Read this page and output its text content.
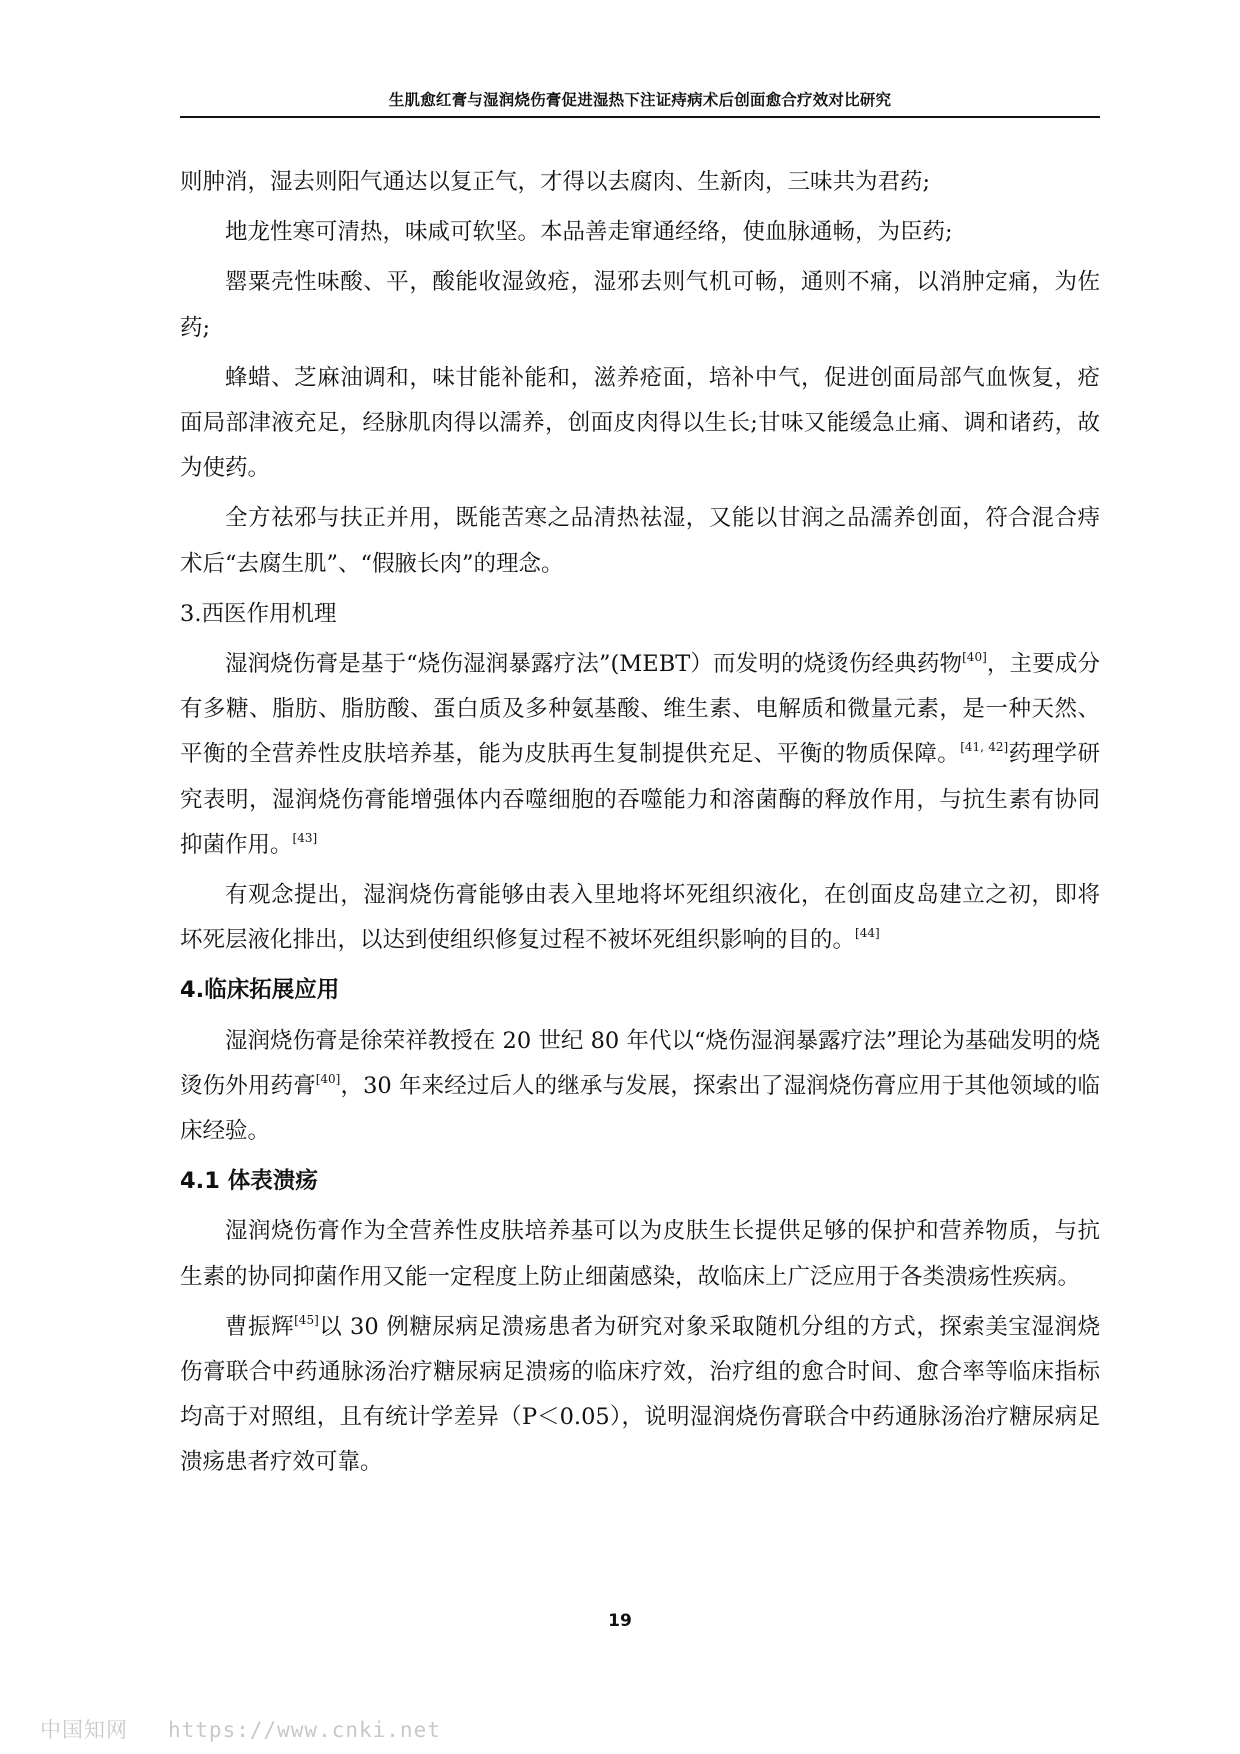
生肌愈红膏与湿润烧伤膏促进湿热下注证痔病术后创面愈合疗效对比研究

则肿消，湿去则阳气通达以复正气，才得以去腐肉、生新肉，三味共为君药;

地龙性寒可清热，味咸可软坚。本品善走窜通经络，使血脉通畅，为臣药;

罂粟壳性味酸、平，酸能收湿敛疮，湿邪去则气机可畅，通则不痛，以消肿定痛，为佐药;

蜂蜡、芝麻油调和，味甘能补能和，滋养疮面，培补中气，促进创面局部气血恢复，疮面局部津液充足，经脉肌肉得以濡养，创面皮肉得以生长;甘味又能缓急止痛、调和诸药，故为使药。

全方祛邪与扶正并用，既能苦寒之品清热祛湿，又能以甘润之品濡养创面，符合混合痔术后“去腐生肌”、“假腋长肉”的理念。

3.西医作用机理

湿润烧伤膏是基于“烧伤湿润暴露疗法”(MEBT）而发明的烧烫伤经典药物[40]，主要成分有多糖、脂肪、脂肪酸、蛋白质及多种氨基酸、维生素、电解质和微量元素，是一种天然、平衡的全营养性皮肤培养基，能为皮肤再生复制提供充足、平衡的物质保障。[41, 42]药理学研究表明，湿润烧伤膏能增强体内吞噬细胞的吞噬能力和溶菌酶的释放作用，与抗生素有协同抑菌作用。[43]

有观念提出，湿润烧伤膏能够由表入里地将坏死组织液化，在创面皮岛建立之初，即将坏死层液化排出，以达到使组织修复过程不被坏死组织影响的目的。[44]

4.临床拓展应用

湿润烧伤膏是徐荣祥教授在 20 世纪 80 年代以“烧伤湿润暴露疗法”理论为基础发明的烧烫伤外用药膏[40]，30 年来经过后人的继承与发展，探索出了湿润烧伤膏应用于其他领域的临床经验。

4.1 体表溃疡

湿润烧伤膏作为全营养性皮肤培养基可以为皮肤生长提供足够的保护和营养物质，与抗生素的协同抑菌作用又能一定程度上防止细菌感染，故临床上广泛应用于各类溃疡性疾病。

曹振辉[45]以 30 例糖尿病足溃疡患者为研究对象采取随机分组的方式，探索美宝湿润烧伤膏联合中药通脉汤治疗糖尿病足溃疡的临床疗效，治疗组的愈合时间、愈合率等临床指标均高于对照组，且有统计学差异（P＜0.05），说明湿润烧伤膏联合中药通脉汤治疗糖尿病足溃疡患者疗效可靠。

19
中国知网 https://www.cnki.net
